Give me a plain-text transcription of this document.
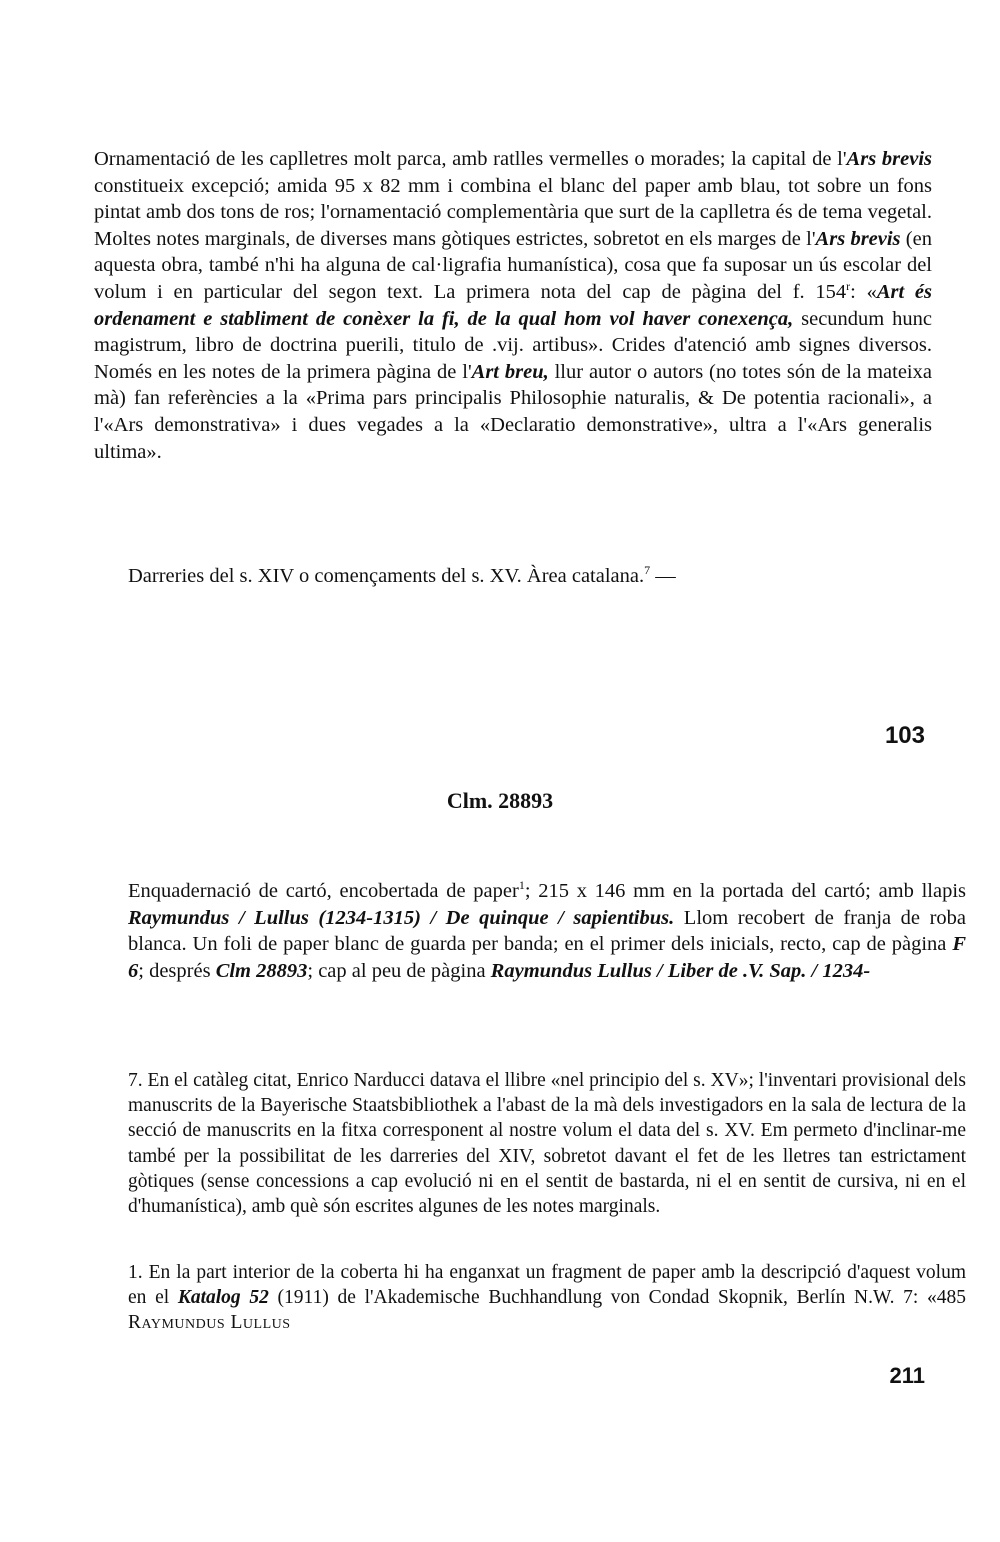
Ornamentació de les caplletres molt parca, amb ratlles vermelles o morades; la capital de l'Ars brevis constitueix excepció; amida 95 x 82 mm i combina el blanc del paper amb blau, tot sobre un fons pintat amb dos tons de ros; l'ornamentació complementària que surt de la caplletra és de tema vegetal. Moltes notes marginals, de diverses mans gòtiques estrictes, sobretot en els marges de l'Ars brevis (en aquesta obra, també n'hi ha alguna de cal·ligrafia humanística), cosa que fa suposar un ús escolar del volum i en particular del segon text. La primera nota del cap de pàgina del f. 154$^r$: «Art és ordenament e stabliment de conèxer la fi, de la qual hom vol haver conexença, secundum hunc magistrum, libro de doctrina puerili, titulo de .vij. artibus». Crides d'atenció amb signes diversos. Només en les notes de la primera pàgina de l'Art breu, llur autor o autors (no totes són de la mateixa mà) fan referències a la «Prima pars principalis Philosophie naturalis, & De potentia racionali», a l'«Ars demonstrativa» i dues vegades a la «Declaratio demonstrative», ultra a l'«Ars generalis ultima».

Darreries del s. XIV o començaments del s. XV. Àrea catalana.$^7$ —

103
Clm. 28893

Enquadernació de cartó, encobertada de paper$^1$; 215 x 146 mm en la portada del cartó; amb llapis Raymundus / Lullus (1234-1315) / De quinque / sapientibus. Llom recobert de franja de roba blanca. Un foli de paper blanc de guarda per banda; en el primer dels inicials, recto, cap de pàgina F 6; després Clm 28893; cap al peu de pàgina Raymundus Lullus / Liber de .V. Sap. / 1234-

7. En el catàleg citat, Enrico Narducci datava el llibre «nel principio del s. XV»; l'inventari provisional dels manuscrits de la Bayerische Staatsbibliothek a l'abast de la mà dels investigadors en la sala de lectura de la secció de manuscrits en la fitxa corresponent al nostre volum el data del s. XV. Em permeto d'inclinar-me també per la possibilitat de les darreries del XIV, sobretot davant el fet de les lletres tan estrictament gòtiques (sense concessions a cap evolució ni en el sentit de bastarda, ni el en sentit de cursiva, ni en el d'humanística), amb què són escrites algunes de les notes marginals.

1. En la part interior de la coberta hi ha enganxat un fragment de paper amb la descripció d'aquest volum en el Katalog 52 (1911) de l'Akademische Buchhandlung von Condad Skopnik, Berlín N.W. 7: «485 Raymundus Lullus

211
